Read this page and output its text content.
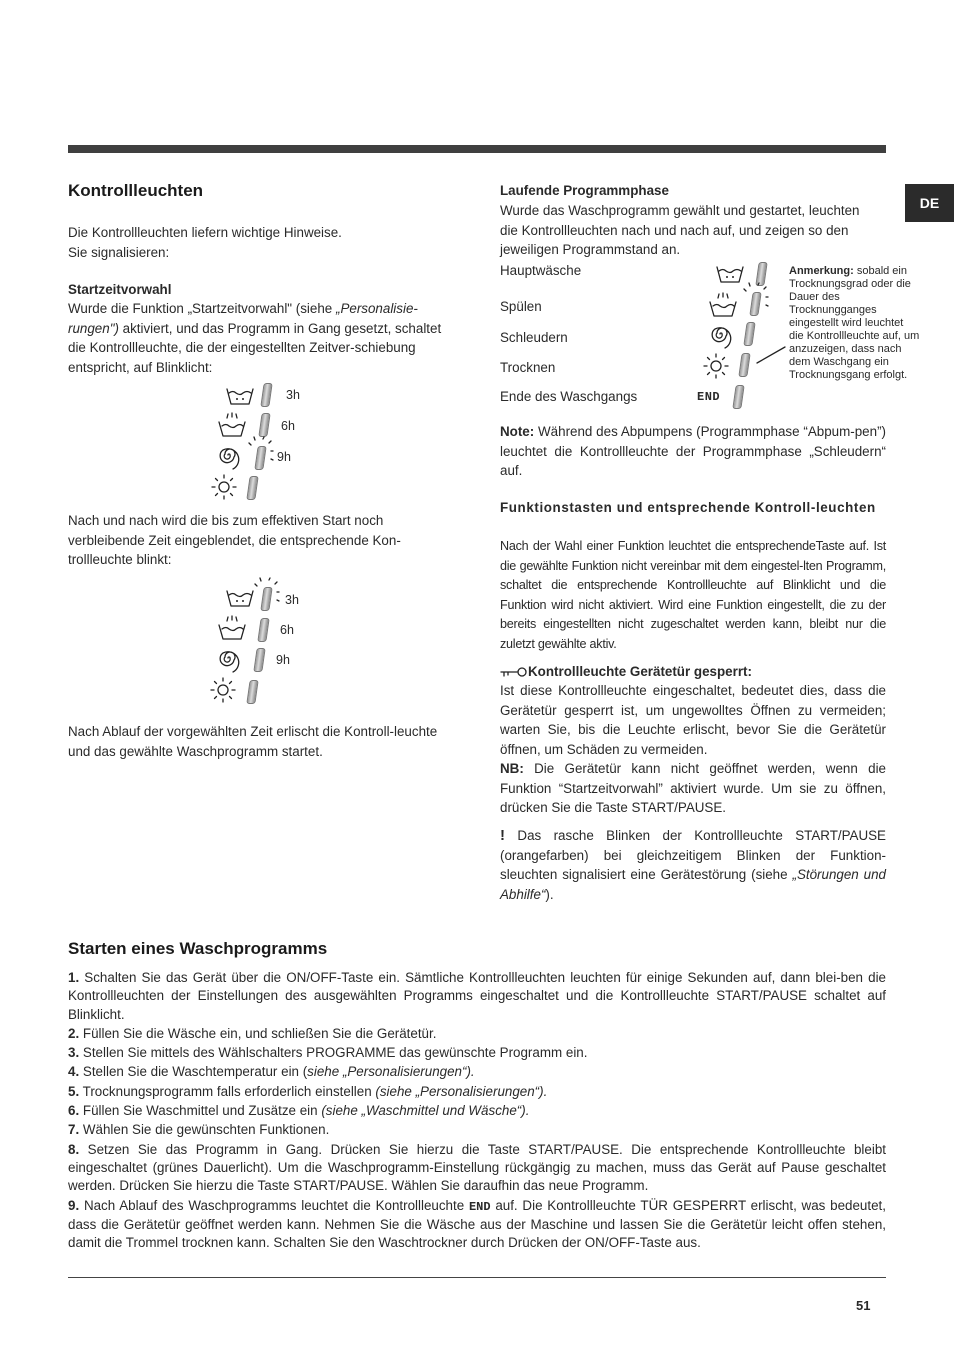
DE
Kontrollleuchten
Die Kontrollleuchten liefern wichtige Hinweise.
Sie signalisieren:
Startzeitvorwahl
Wurde die Funktion „Startzeitvorwahl" (siehe „Personalisie-rungen") aktiviert, und das Programm in Gang gesetzt, schaltet die Kontrollleuchte, die der eingestellten Zeitver-schiebung entspricht, auf Blinklicht:
3h
6h
9h
Nach und nach wird die bis zum effektiven Start noch verbleibende Zeit eingeblendet, die entsprechende Kon-trollleuchte blinkt:
3h
6h
9h
Nach Ablauf der vorgewählten Zeit erlischt die Kontroll-leuchte und das gewählte Waschprogramm startet.
Laufende Programmphase
Wurde das Waschprogramm gewählt und gestartet, leuchten die Kontrollleuchten nach und nach auf, und zeigen so den jeweiligen Programmstand an.
Hauptwäsche
Spülen
Schleudern
Trocknen
Ende des Waschgangs	END
Anmerkung: sobald ein Trocknungsgrad oder die Dauer des Trocknungganges eingestellt wird leuchtet die Kontrollleuchte auf, um anzuzeigen, dass nach dem Waschgang ein Trocknungsgang erfolgt.
Note: Während des Abpumpens (Programmphase “Abpum-pen”) leuchtet die Kontrollleuchte der Programmphase „Schleudern“ auf.
Funktionstasten und entsprechende Kontroll-leuchten
Nach der Wahl einer Funktion leuchtet die entsprechendeTaste auf. Ist die gewählte Funktion nicht vereinbar mit dem eingestel-lten Programm, schaltet die entsprechende Kontrollleuchte auf Blinklicht und die Funktion wird nicht aktiviert. Wird eine Funktion eingestellt, die zu der bereits eingestellten nicht zugeschaltet werden kann, bleibt nur die zuletzt gewählte aktiv.
Kontrollleuchte Gerätetür gesperrt:
Ist diese Kontrollleuchte eingeschaltet, bedeutet dies, dass die Gerätetür gesperrt ist, um ungewolltes Öffnen zu vermeiden; warten Sie, bis die Leuchte erlischt, bevor Sie die Gerätetür öffnen, um Schäden zu vermeiden.
NB: Die Gerätetür kann nicht geöffnet werden, wenn die Funktion “Startzeitvorwahl” aktiviert wurde. Um sie zu öffnen, drücken Sie die Taste START/PAUSE.
! Das rasche Blinken der Kontrollleuchte START/PAUSE (orangefarben) bei gleichzeitigem Blinken der Funktion-sleuchten signalisiert eine Gerätestörung (siehe „Störungen und Abhilfe“).
Starten eines Waschprogramms
1. Schalten Sie das Gerät über die ON/OFF-Taste ein. Sämtliche Kontrollleuchten leuchten für einige Sekunden auf, dann blei-ben die Kontrollleuchten der Einstellungen des ausgewählten Programms eingeschaltet und die Kontrollleuchte START/PAUSE schaltet auf Blinklicht.
2. Füllen Sie die Wäsche ein, und schließen Sie die Gerätetür.
3. Stellen Sie mittels des Wählschalters PROGRAMME das gewünschte Programm ein.
4. Stellen Sie die Waschtemperatur ein (siehe „Personalisierungen“).
5. Trocknungsprogramm falls erforderlich einstellen (siehe „Personalisierungen“).
6. Füllen Sie Waschmittel und Zusätze ein (siehe „Waschmittel und Wäsche“).
7. Wählen Sie die gewünschten Funktionen.
8. Setzen Sie das Programm in Gang. Drücken Sie hierzu die Taste START/PAUSE. Die entsprechende Kontrollleuchte bleibt eingeschaltet (grünes Dauerlicht). Um die Waschprogramm-Einstellung rückgängig zu machen, muss das Gerät auf Pause geschaltet werden. Drücken Sie hierzu die Taste START/PAUSE. Wählen Sie daraufhin das neue Programm.
9. Nach Ablauf des Waschprogramms leuchtet die Kontrollleuchte END auf. Die Kontrollleuchte TÜR GESPERRT erlischt, was bedeutet, dass die Gerätetür geöffnet werden kann. Nehmen Sie die Wäsche aus der Maschine und lassen Sie die Gerätetür leicht offen stehen, damit die Trommel trocknen kann. Schalten Sie den Waschtrockner durch Drücken der ON/OFF-Taste aus.
51
